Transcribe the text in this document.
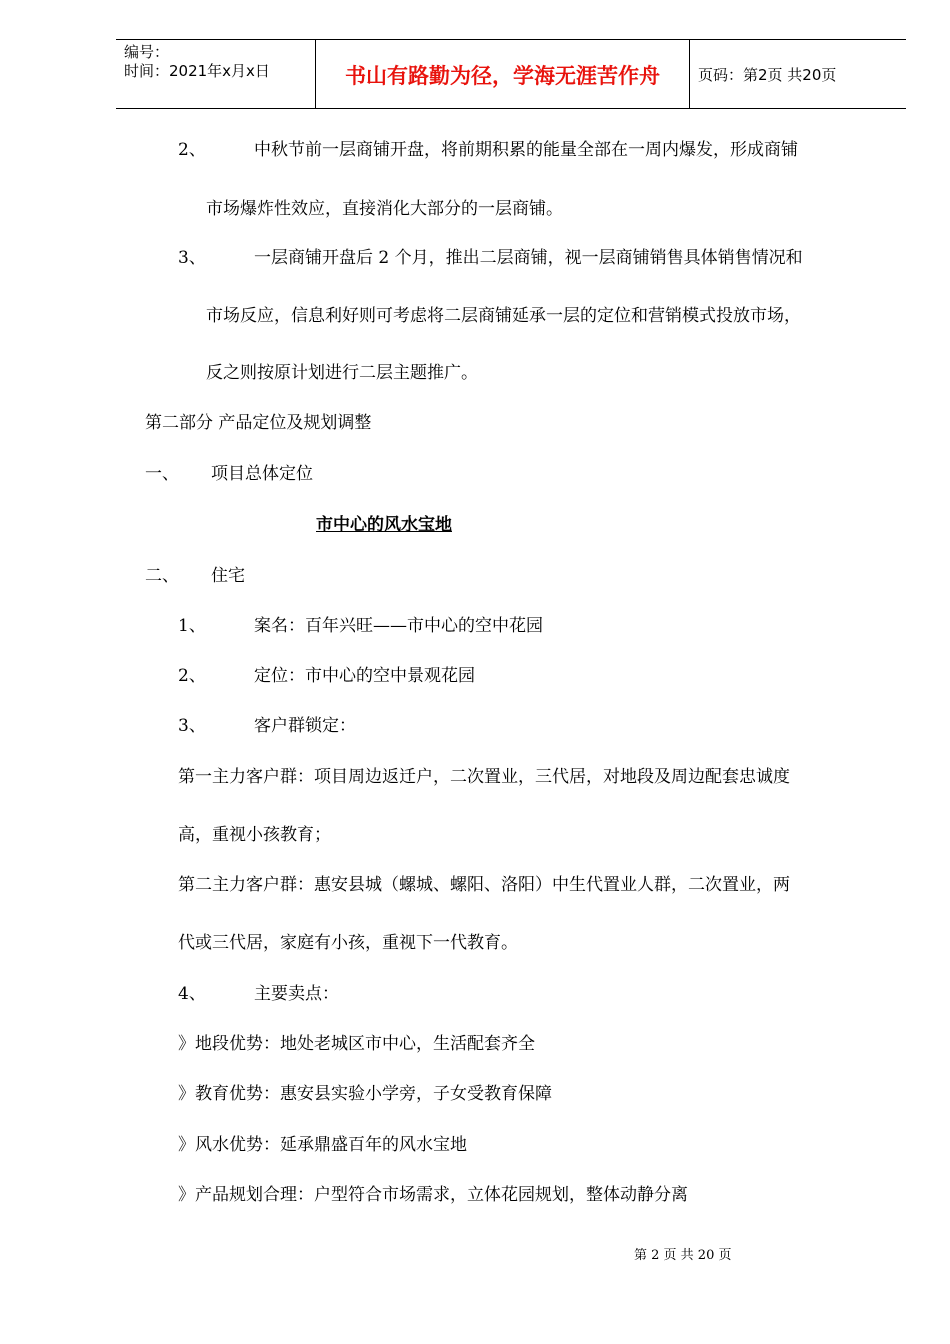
编号：
时间：2021年x月x日	书山有路勤为径，学海无涯苦作舟	页码：第2页 共20页
2、	中秋节前一层商铺开盘，将前期积累的能量全部在一周内爆发，形成商铺
市场爆炸性效应，直接消化大部分的一层商铺。
3、	一层商铺开盘后 2 个月，推出二层商铺，视一层商铺销售具体销售情况和
市场反应，信息利好则可考虑将二层商铺延承一层的定位和营销模式投放市场，
反之则按原计划进行二层主题推广。
第二部分 产品定位及规划调整
一、 项目总体定位
市中心的风水宝地
二、 住宅
1、	案名：百年兴旺——市中心的空中花园
2、	定位：市中心的空中景观花园
3、	客户群锁定：
第一主力客户群：项目周边返迁户，二次置业，三代居，对地段及周边配套忠诚度
高，重视小孩教育；
第二主力客户群：惠安县城（螺城、螺阳、洛阳）中生代置业人群，二次置业，两
代或三代居，家庭有小孩，重视下一代教育。
4、	主要卖点：
》地段优势：地处老城区市中心，生活配套齐全
》教育优势：惠安县实验小学旁，子女受教育保障
》风水优势：延承鼎盛百年的风水宝地
》产品规划合理：户型符合市场需求，立体花园规划，整体动静分离
第 2 页 共 20 页
